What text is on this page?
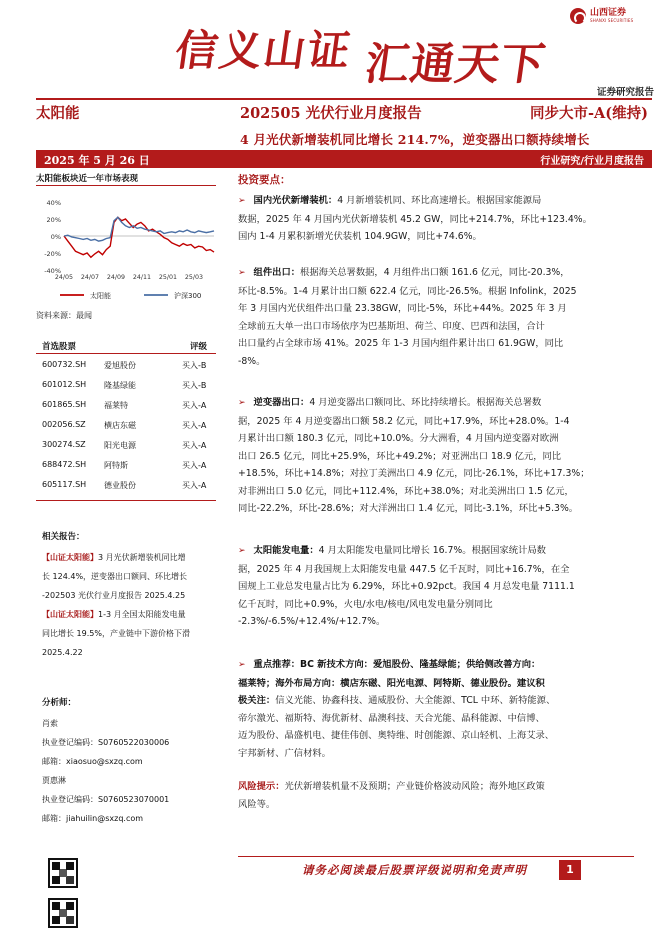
山西证券
SHANXI SECURITIES
信义山证 汇通天下
证券研究报告
太阳能	202505 光伏行业月度报告	同步大市-A(维持)
4 月光伏新增装机同比增长 214.7%，逆变器出口额持续增长
2025 年 5 月 26 日	行业研究/行业月度报告
太阳能板块近一年市场表现
40%
20%
0%
-20%
-40%
24/05 24/07 24/09 24/11 25/01 25/03
太阳能	沪深300
资料来源：最闻
首选股票	评级
600732.SH 爱旭股份	买入-B
601012.SH 隆基绿能	买入-B
601865.SH 福莱特	买入-A
002056.SZ 横店东磁	买入-A
300274.SZ 阳光电源	买入-A
688472.SH 阿特斯	买入-A
605117.SH 德业股份	买入-A
相关报告：
【山证太阳能】3 月光伏新增装机同比增
长 124.4%，逆变器出口额同、环比增长
-202503 光伏行业月度报告 2025.4.25
【山证太阳能】1-3 月全国太阳能发电量
同比增长 19.5%，产业链中下游价格下滑
2025.4.22
分析师：
肖索
执业登记编码：S0760522030006
邮箱：xiaosuo@sxzq.com
贾惠淋
执业登记编码：S0760523070001
邮箱：jiahuilin@sxzq.com
投资要点：
➢ 国内光伏新增装机：4 月新增装机同、环比高速增长。根据国家能源局
数据，2025 年 4 月国内光伏新增装机 45.2 GW，同比+214.7%，环比+123.4%。
国内 1-4 月累积新增光伏装机 104.9GW，同比+74.6%。
➢ 组件出口：根据海关总署数据，4 月组件出口额 161.6 亿元，同比-20.3%，
环比-8.5%。1-4 月累计出口额 622.4 亿元，同比-26.5%。根据 Infolink，2025
年 3 月国内光伏组件出口量 23.38GW，同比-5%，环比+44%。2025 年 3 月
全球前五大单一出口市场依序为巴基斯坦、荷兰、印度、巴西和法国，合计
出口量约占全球市场 41%。2025 年 1-3 月国内组件累计出口 61.9GW，同比
-8%。
➢ 逆变器出口：4 月逆变器出口额同比、环比持续增长。根据海关总署数
据，2025 年 4 月逆变器出口额 58.2 亿元，同比+17.9%，环比+28.0%。1-4
月累计出口额 180.3 亿元，同比+10.0%。分大洲看，4 月国内逆变器对欧洲
出口 26.5 亿元，同比+25.9%，环比+49.2%；对亚洲出口 18.9 亿元，同比
+18.5%，环比+14.8%；对拉丁美洲出口 4.9 亿元，同比-26.1%，环比+17.3%；
对非洲出口 5.0 亿元，同比+112.4%，环比+38.0%；对北美洲出口 1.5 亿元，
同比-22.2%，环比-28.6%；对大洋洲出口 1.4 亿元，同比-3.1%，环比+5.3%。
➢ 太阳能发电量：4 月太阳能发电量同比增长 16.7%。根据国家统计局数
据，2025 年 4 月我国规上太阳能发电量 447.5 亿千瓦时，同比+16.7%，在全
国规上工业总发电量占比为 6.29%，环比+0.92pct。我国 4 月总发电量 7111.1
亿千瓦时，同比+0.9%，火电/水电/核电/风电发电量分别同比
-2.3%/-6.5%/+12.4%/+12.7%。
➢ 重点推荐：BC 新技术方向：爱旭股份、隆基绿能；供给侧改善方向：
福莱特；海外布局方向：横店东磁、阳光电源、阿特斯、德业股份。建议积
极关注：信义光能、协鑫科技、通威股份、大全能源、TCL 中环、新特能源、
帝尔激光、福斯特、海优新材、晶澳科技、天合光能、晶科能源、中信博、
迈为股份、晶盛机电、捷佳伟创、奥特维、时创能源、京山轻机、上海艾录、
宇邦新材、广信材料。
风险提示：光伏新增装机量不及预期；产业链价格波动风险；海外地区政策
风险等。
请务必阅读最后股票评级说明和免责声明	1
